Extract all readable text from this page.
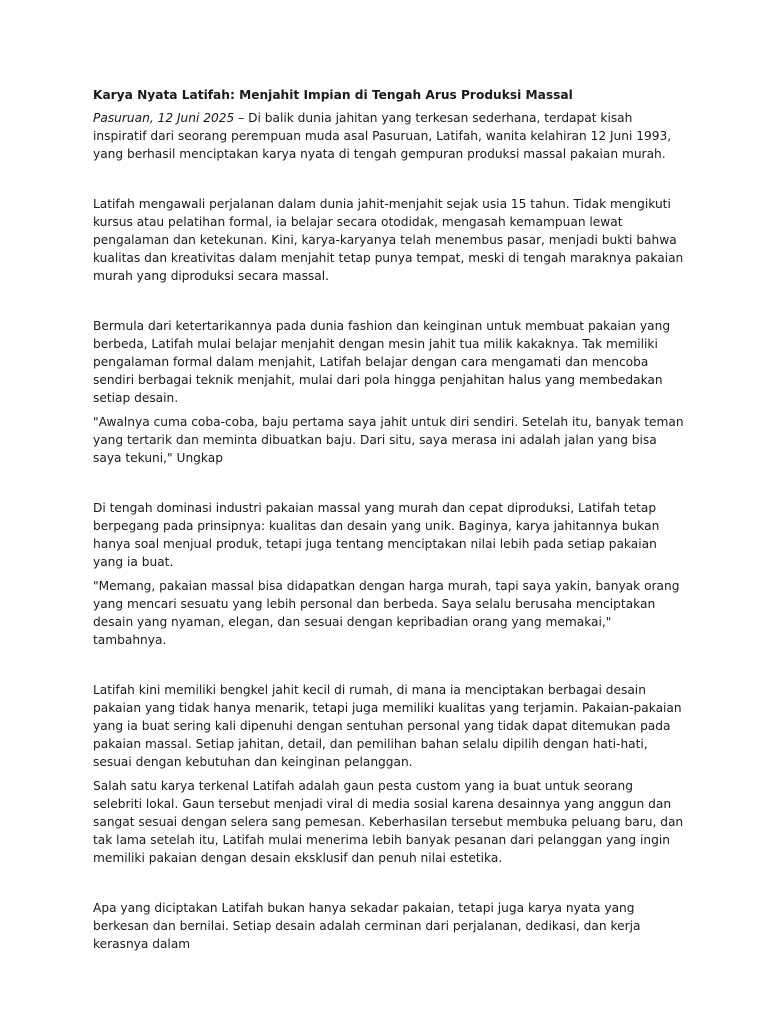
Karya Nyata Latifah: Menjahit Impian di Tengah Arus Produksi Massal

Pasuruan, 12 Juni 2025 – Di balik dunia jahitan yang terkesan sederhana, terdapat kisah inspiratif dari seorang perempuan muda asal Pasuruan, Latifah, wanita kelahiran 12 Juni 1993, yang berhasil menciptakan karya nyata di tengah gempuran produksi massal pakaian murah.

Latifah mengawali perjalanan dalam dunia jahit-menjahit sejak usia 15 tahun. Tidak mengikuti kursus atau pelatihan formal, ia belajar secara otodidak, mengasah kemampuan lewat pengalaman dan ketekunan. Kini, karya-karyanya telah menembus pasar, menjadi bukti bahwa kualitas dan kreativitas dalam menjahit tetap punya tempat, meski di tengah maraknya pakaian murah yang diproduksi secara massal.

Bermula dari ketertarikannya pada dunia fashion dan keinginan untuk membuat pakaian yang berbeda, Latifah mulai belajar menjahit dengan mesin jahit tua milik kakaknya. Tak memiliki pengalaman formal dalam menjahit, Latifah belajar dengan cara mengamati dan mencoba sendiri berbagai teknik menjahit, mulai dari pola hingga penjahitan halus yang membedakan setiap desain.

"Awalnya cuma coba-coba, baju pertama saya jahit untuk diri sendiri. Setelah itu, banyak teman yang tertarik dan meminta dibuatkan baju. Dari situ, saya merasa ini adalah jalan yang bisa saya tekuni," Ungkap

Di tengah dominasi industri pakaian massal yang murah dan cepat diproduksi, Latifah tetap berpegang pada prinsipnya: kualitas dan desain yang unik. Baginya, karya jahitannya bukan hanya soal menjual produk, tetapi juga tentang menciptakan nilai lebih pada setiap pakaian yang ia buat.

"Memang, pakaian massal bisa didapatkan dengan harga murah, tapi saya yakin, banyak orang yang mencari sesuatu yang lebih personal dan berbeda. Saya selalu berusaha menciptakan desain yang nyaman, elegan, dan sesuai dengan kepribadian orang yang memakai," tambahnya.

Latifah kini memiliki bengkel jahit kecil di rumah, di mana ia menciptakan berbagai desain pakaian yang tidak hanya menarik, tetapi juga memiliki kualitas yang terjamin. Pakaian-pakaian yang ia buat sering kali dipenuhi dengan sentuhan personal yang tidak dapat ditemukan pada pakaian massal. Setiap jahitan, detail, dan pemilihan bahan selalu dipilih dengan hati-hati, sesuai dengan kebutuhan dan keinginan pelanggan.

Salah satu karya terkenal Latifah adalah gaun pesta custom yang ia buat untuk seorang selebriti lokal. Gaun tersebut menjadi viral di media sosial karena desainnya yang anggun dan sangat sesuai dengan selera sang pemesan. Keberhasilan tersebut membuka peluang baru, dan tak lama setelah itu, Latifah mulai menerima lebih banyak pesanan dari pelanggan yang ingin memiliki pakaian dengan desain eksklusif dan penuh nilai estetika.

Apa yang diciptakan Latifah bukan hanya sekadar pakaian, tetapi juga karya nyata yang berkesan dan bernilai. Setiap desain adalah cerminan dari perjalanan, dedikasi, dan kerja kerasnya dalam
